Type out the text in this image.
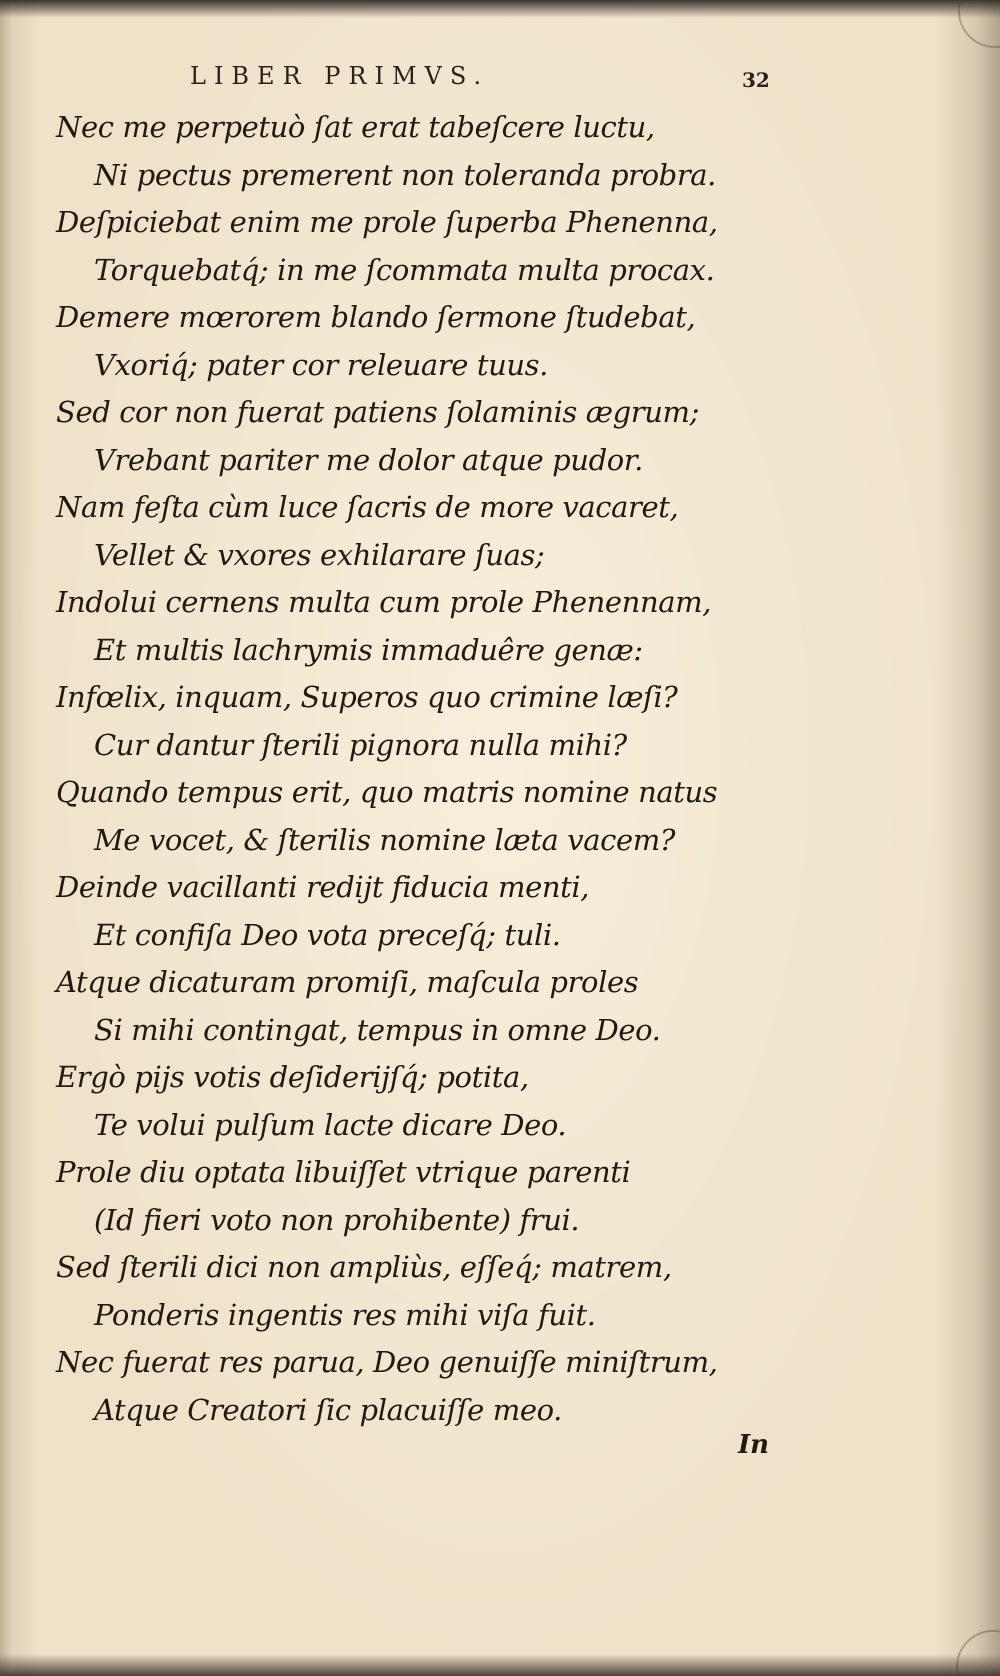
LIBER PRIMVS.	32
Nec me perpetuò ſat erat tabeſcere luctu,
Ni pectus premerent non toleranda probra.
Deſpiciebat enim me prole ſuperba Phenenna,
Torquebatq́; in me ſcommata multa procax.
Demere mœrorem blando ſermone ſtudebat,
Vxoriq́; pater cor releuare tuus.
Sed cor non fuerat patiens ſolaminis ægrum;
Vrebant pariter me dolor atque pudor.
Nam feſta cùm luce ſacris de more vacaret,
Vellet & vxores exhilarare ſuas;
Indolui cernens multa cum prole Phenennam,
Et multis lachrymis immaduêre genæ:
Infœlix, inquam, Superos quo crimine læſi?
Cur dantur ſterili pignora nulla mihi?
Quando tempus erit, quo matris nomine natus
Me vocet, & ſterilis nomine læta vacem?
Deinde vacillanti rediјt fiducia menti,
Et confiſa Deo vota preceſq́; tuli.
Atque dicaturam promiſi, maſcula proles
Si mihi contingat, tempus in omne Deo.
Ergò pijs votis deſiderijſq́; potita,
Te volui pulſum lacte dicare Deo.
Prole diu optata libuiſſet vtrique parenti
(Id fieri voto non prohibente) frui.
Sed ſterili dici non ampliùs, eſſeq́; matrem,
Ponderis ingentis res mihi viſa fuit.
Nec fuerat res parua, Deo genuiſſe miniſtrum,
Atque Creatori ſic placuiſſe meo.
In
